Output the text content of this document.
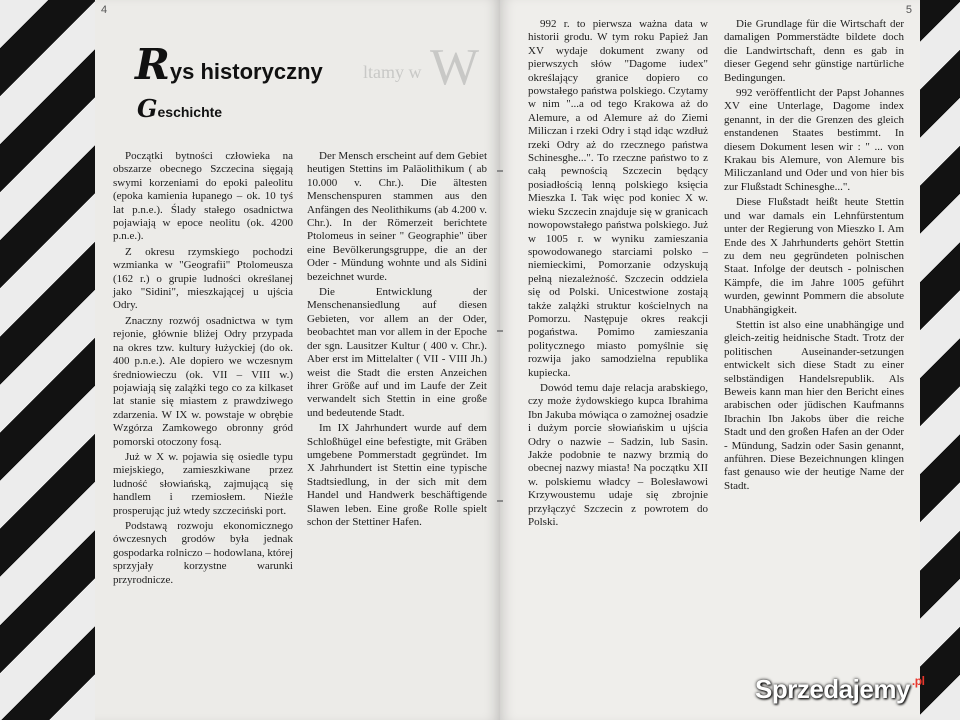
4
W
ltamy w
Rys historyczny
Geschichte

Początki bytności człowieka na obszarze obecnego Szczecina sięgają swymi korzeniami do epoki paleolitu (epoka kamienia łupanego – ok. 10 tyś lat p.n.e.). Ślady stałego osadnictwa pojawiają w epoce neolitu (ok. 4200 p.n.e.).

Z okresu rzymskiego pochodzi wzmianka w "Geografii" Ptolomeusza (162 r.) o grupie ludności określanej jako "Sidini", mieszkającej u ujścia Odry.

Znaczny rozwój osadnictwa w tym rejonie, głównie bliżej Odry przypada na okres tzw. kultury łużyckiej (do ok. 400 p.n.e.). Ale dopiero we wczesnym średniowieczu (ok. VII – VIII w.) pojawiają się zalążki tego co za kilkaset lat stanie się miastem z prawdziwego zdarzenia. W IX w. powstaje w obrębie Wzgórza Zamkowego obronny gród pomorski otoczony fosą.

Już w X w. pojawia się osiedle typu miejskiego, zamieszkiwane przez ludność słowiańską, zajmującą się handlem i rzemiosłem. Nieźle prosperując już wtedy szczeciński port.

Podstawą rozwoju ekonomicznego ówczesnych grodów była jednak gospodarka rolniczo – hodowlana, której sprzyjały korzystne warunki przyrodnicze.

Der Mensch erscheint auf dem Gebiet heutigen Stettins im Paläolithikum ( ab 10.000 v. Chr.). Die ältesten Menschenspuren stammen aus den Anfängen des Neolithikums (ab 4.200 v. Chr.). In der Römerzeit berichtete Ptolomeus in seiner " Geographie" über eine Bevölkerungsgruppe, die an der Oder - Mündung wohnte und als Sidini bezeichnet wurde.

Die Entwicklung der Menschenansiedlung auf diesen Gebieten, vor allem an der Oder, beobachtet man vor allem in der Epoche der sgn. Lausitzer Kultur ( 400 v. Chr.). Aber erst im Mittelalter ( VII - VIII Jh.) weist die Stadt die ersten Anzeichen ihrer Größe auf und im Laufe der Zeit verwandelt sich Stettin in eine große und bedeutende Stadt.

Im IX Jahrhundert wurde auf dem Schloßhügel eine befestigte, mit Gräben umgebene Pommerstadt gegründet. Im X Jahrhundert ist Stettin eine typische Stadtsiedlung, in der sich mit dem Handel und Handwerk beschäftigende Slawen leben. Eine große Rolle spielt schon der Stettiner Hafen.

5

992 r. to pierwsza ważna data w historii grodu. W tym roku Papież Jan XV wydaje dokument zwany od pierwszych słów "Dagome iudex" określający granice dopiero co powstałego państwa polskiego. Czytamy w nim "...a od tego Krakowa aż do Alemure, a od Alemure aż do Ziemi Miliczan i rzeki Odry i stąd idąc wzdłuż rzeki Odry aż do rzecznego państwa Schinesghe...". To rzeczne państwo to z całą pewnością Szczecin będący posiadłością lenną polskiego księcia Mieszka I. Tak więc pod koniec X w. wieku Szczecin znajduje się w granicach nowopowstałego państwa polskiego. Już w 1005 r. w wyniku zamieszania spowodowanego starciami polsko – niemieckimi, Pomorzanie odzyskują pełną niezależność. Szczecin oddziela się od Polski. Unicestwione zostają także zalążki struktur kościelnych na Pomorzu. Następuje okres reakcji pogaństwa. Pomimo zamieszania politycznego miasto pomyślnie się rozwija jako samodzielna republika kupiecka.

Dowód temu daje relacja arabskiego, czy może żydowskiego kupca Ibrahima Ibn Jakuba mówiąca o zamożnej osadzie i dużym porcie słowiańskim u ujścia Odry o nazwie – Sadzin, lub Sasin. Jakże podobnie te nazwy brzmią do obecnej nazwy miasta! Na początku XII w. polskiemu władcy – Bolesławowi Krzywoustemu udaje się zbrojnie przyłączyć Szczecin z powrotem do Polski.

Die Grundlage für die Wirtschaft der damaligen Pommerstädte bildete doch die Landwirtschaft, denn es gab in dieser Gegend sehr günstige nartürliche Bedingungen.

992 veröffentlicht der Papst Johannes XV eine Unterlage, Dagome index genannt, in der die Grenzen des gleich enstandenen Staates bestimmt. In diesem Dokument lesen wir : " ... von Krakau bis Alemure, von Alemure bis Miliczanland und Oder und von hier bis zur Flußstadt Schinesghe...".

Diese Flußstadt heißt heute Stettin und war damals ein Lehnfürstentum unter der Regierung von Mieszko I. Am Ende des X Jahrhunderts gehört Stettin zu dem neu gegründeten polnischen Staat. Infolge der deutsch - polnischen Kämpfe, die im Jahre 1005 geführt wurden, gewinnt Pommern die absolute Unabhängigkeit.

Stettin ist also eine unabhängige und gleich-zeitig heidnische Stadt. Trotz der politischen Auseinander-setzungen entwickelt sich diese Stadt zu einer selbständigen Handelsrepublik. Als Beweis kann man hier den Bericht eines arabischen oder jüdischen Kaufmanns Ibrachin Ibn Jakobs über die reiche Stadt und den großen Hafen an der Oder - Mündung, Sadzin oder Sasin genannt, anführen. Diese Bezeichnungen klingen fast genauso wie der heutige Name der Stadt.

Sprzedajemy $^{.pl}$
